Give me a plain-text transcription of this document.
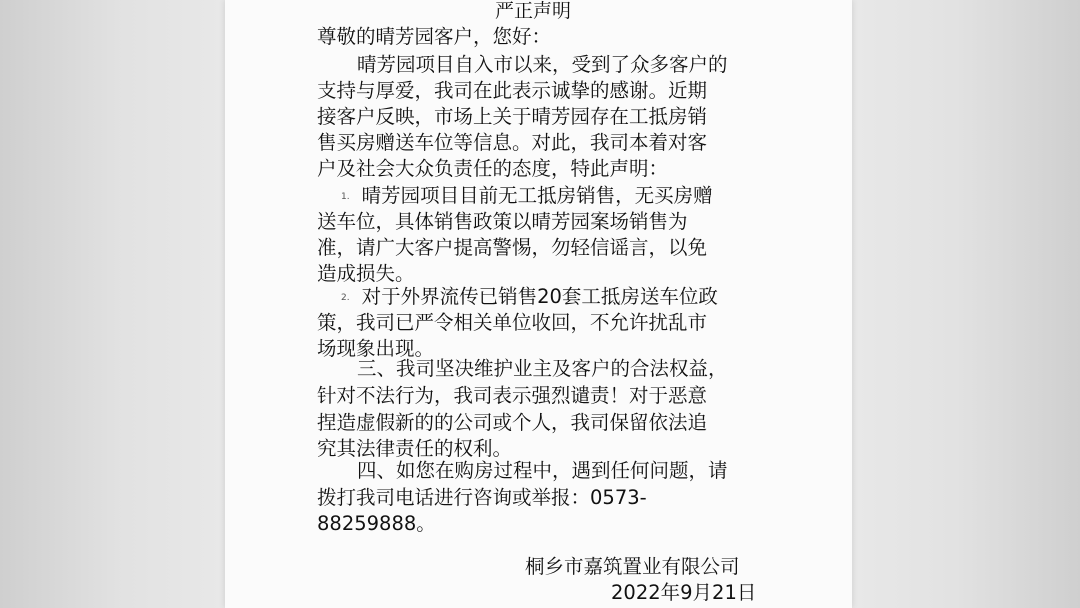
严正声明
尊敬的晴芳园客户，您好：
晴芳园项目自入市以来，受到了众多客户的
支持与厚爱，我司在此表示诚挚的感谢。近期
接客户反映，市场上关于晴芳园存在工抵房销
售买房赠送车位等信息。对此，我司本着对客
户及社会大众负责任的态度，特此声明：
1. 晴芳园项目目前无工抵房销售，无买房赠
送车位，具体销售政策以晴芳园案场销售为
准，请广大客户提高警惕，勿轻信谣言，以免
造成损失。
2. 对于外界流传已销售20套工抵房送车位政
策，我司已严令相关单位收回，不允许扰乱市
场现象出现。
三、我司坚决维护业主及客户的合法权益，
针对不法行为，我司表示强烈谴责！对于恶意
捏造虚假新的的公司或个人，我司保留依法追
究其法律责任的权利。
四、如您在购房过程中，遇到任何问题，请
拨打我司电话进行咨询或举报：0573-
88259888。
桐乡市嘉筑置业有限公司
2022年9月21日
